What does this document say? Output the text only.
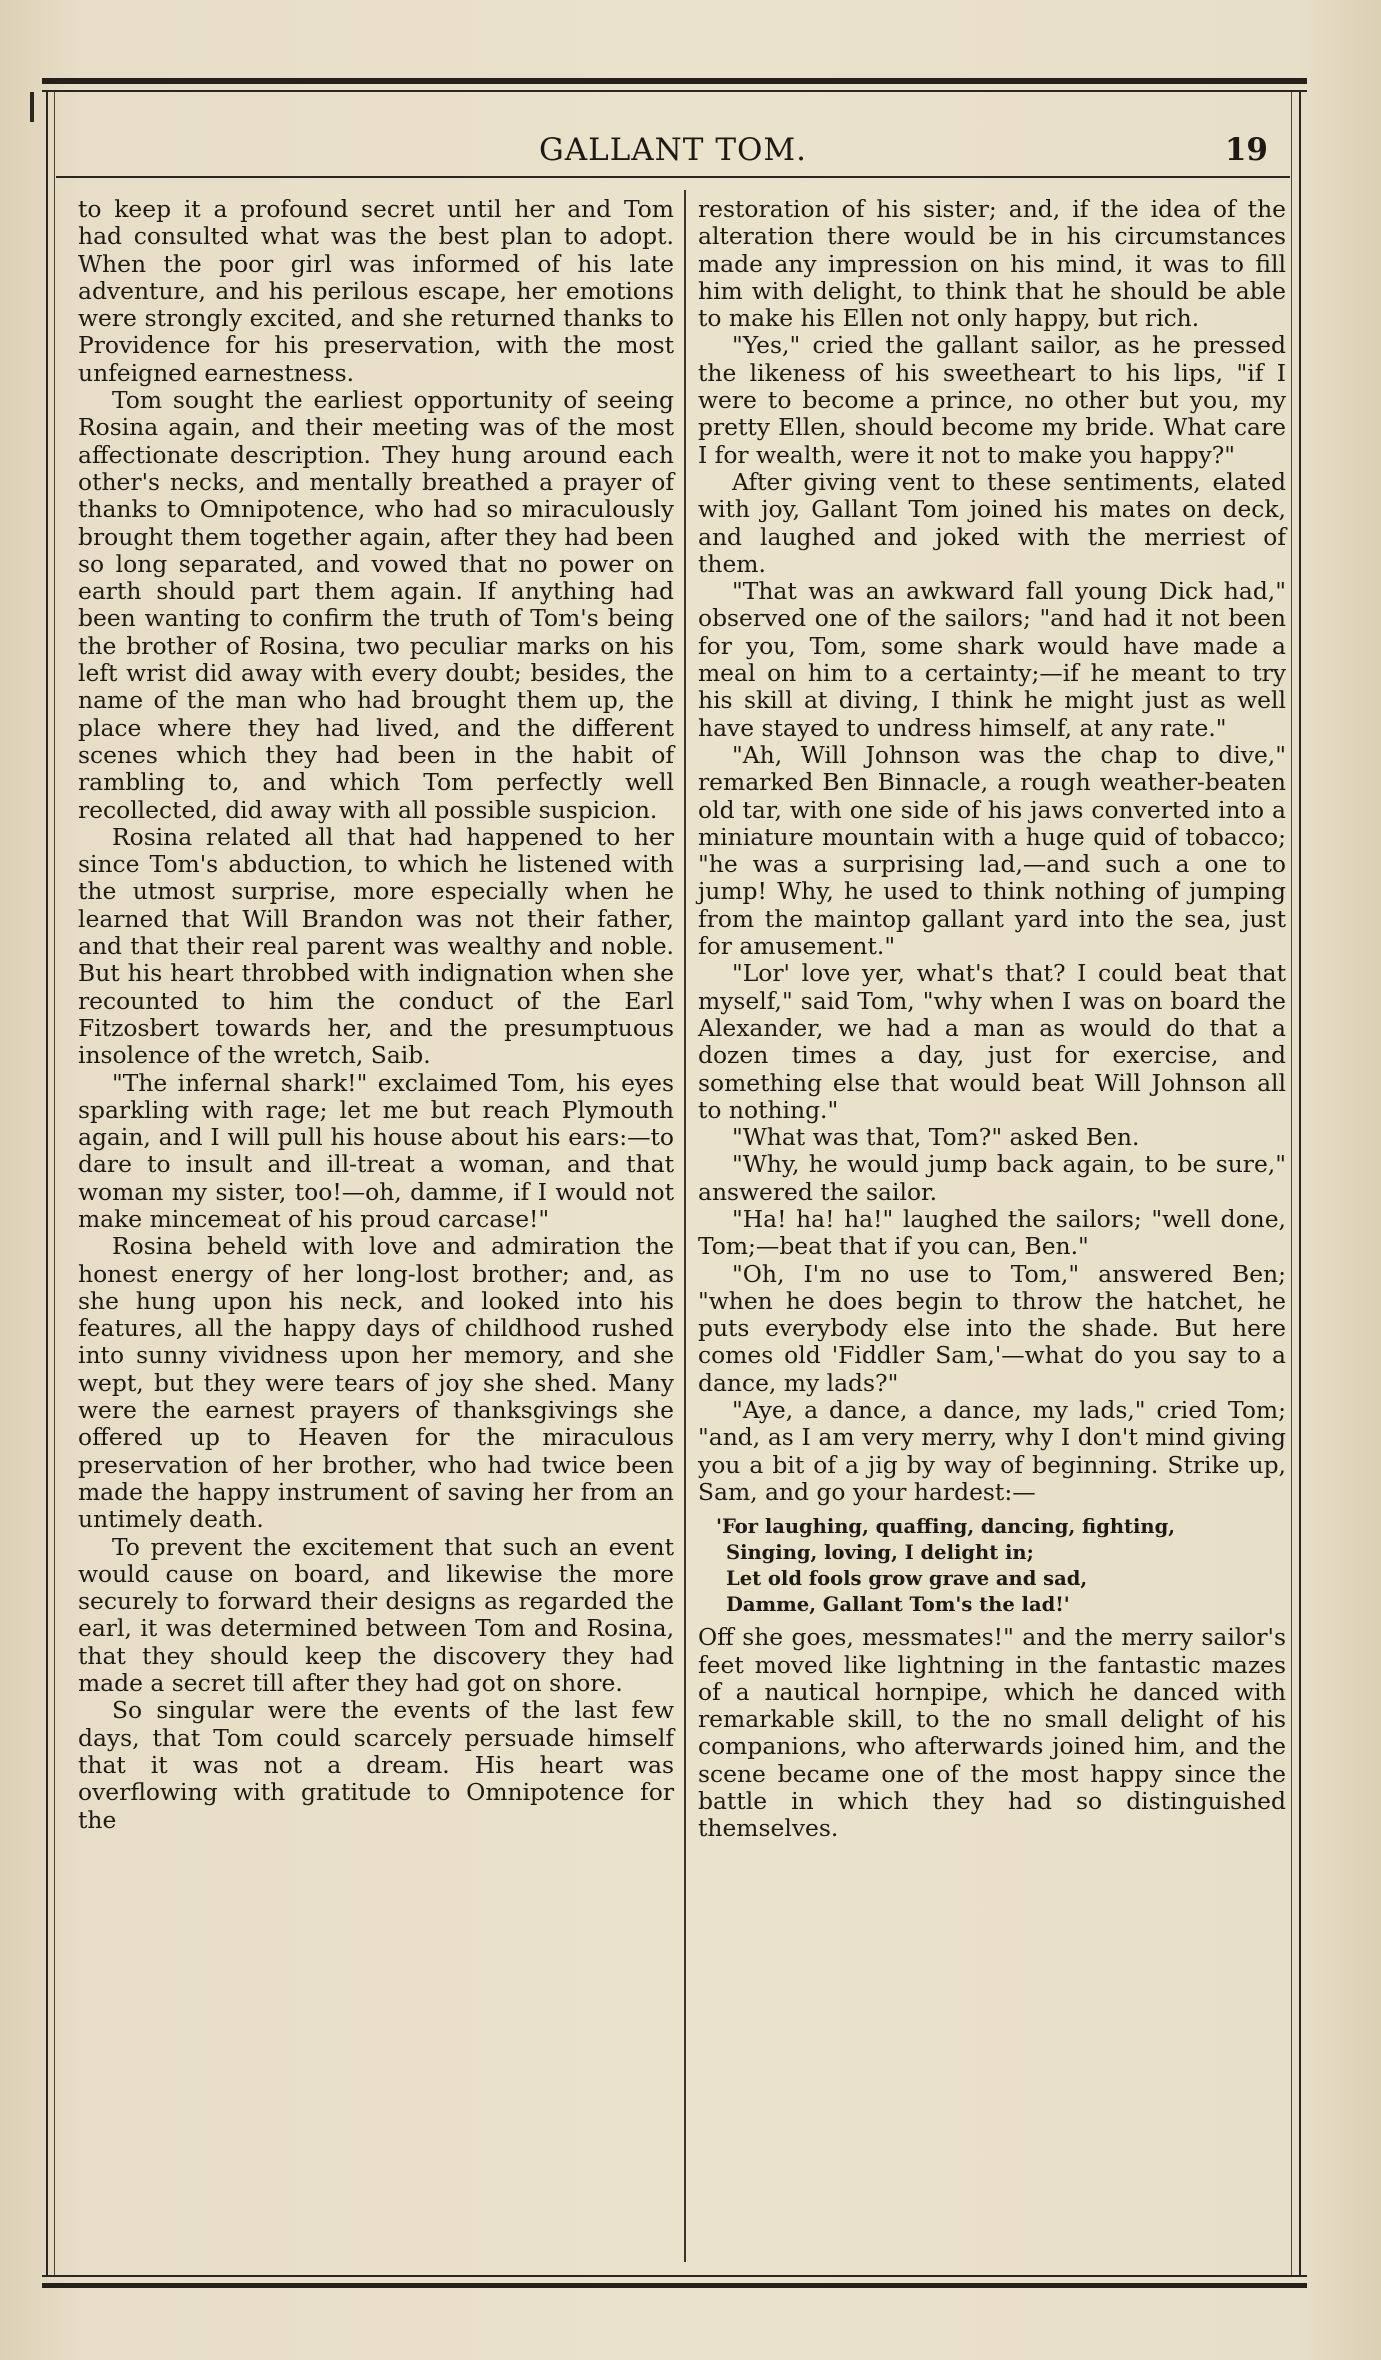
GALLANT TOM.	19

to keep it a profound secret until her and Tom had consulted what was the best plan to adopt. When the poor girl was informed of his late adventure, and his perilous escape, her emotions were strongly excited, and she returned thanks to Providence for his preservation, with the most unfeigned earnestness.

Tom sought the earliest opportunity of seeing Rosina again, and their meeting was of the most affectionate description. They hung around each other's necks, and mentally breathed a prayer of thanks to Omnipotence, who had so miraculously brought them together again, after they had been so long separated, and vowed that no power on earth should part them again. If anything had been wanting to confirm the truth of Tom's being the brother of Rosina, two peculiar marks on his left wrist did away with every doubt; besides, the name of the man who had brought them up, the place where they had lived, and the different scenes which they had been in the habit of rambling to, and which Tom perfectly well recollected, did away with all possible suspicion.

Rosina related all that had happened to her since Tom's abduction, to which he listened with the utmost surprise, more especially when he learned that Will Brandon was not their father, and that their real parent was wealthy and noble. But his heart throbbed with indignation when she recounted to him the conduct of the Earl Fitzosbert towards her, and the presumptuous insolence of the wretch, Saib.

"The infernal shark!" exclaimed Tom, his eyes sparkling with rage; let me but reach Plymouth again, and I will pull his house about his ears:—to dare to insult and ill-treat a woman, and that woman my sister, too!—oh, damme, if I would not make mincemeat of his proud carcase!"

Rosina beheld with love and admiration the honest energy of her long-lost brother; and, as she hung upon his neck, and looked into his features, all the happy days of childhood rushed into sunny vividness upon her memory, and she wept, but they were tears of joy she shed. Many were the earnest prayers of thanksgivings she offered up to Heaven for the miraculous preservation of her brother, who had twice been made the happy instrument of saving her from an untimely death.

To prevent the excitement that such an event would cause on board, and likewise the more securely to forward their designs as regarded the earl, it was determined between Tom and Rosina, that they should keep the discovery they had made a secret till after they had got on shore.

So singular were the events of the last few days, that Tom could scarcely persuade himself that it was not a dream. His heart was overflowing with gratitude to Omnipotence for the

restoration of his sister; and, if the idea of the alteration there would be in his circumstances made any impression on his mind, it was to fill him with delight, to think that he should be able to make his Ellen not only happy, but rich.

"Yes," cried the gallant sailor, as he pressed the likeness of his sweetheart to his lips, "if I were to become a prince, no other but you, my pretty Ellen, should become my bride. What care I for wealth, were it not to make you happy?"

After giving vent to these sentiments, elated with joy, Gallant Tom joined his mates on deck, and laughed and joked with the merriest of them.

"That was an awkward fall young Dick had," observed one of the sailors; "and had it not been for you, Tom, some shark would have made a meal on him to a certainty;—if he meant to try his skill at diving, I think he might just as well have stayed to undress himself, at any rate."

"Ah, Will Johnson was the chap to dive," remarked Ben Binnacle, a rough weather-beaten old tar, with one side of his jaws converted into a miniature mountain with a huge quid of tobacco; "he was a surprising lad,—and such a one to jump! Why, he used to think nothing of jumping from the maintop gallant yard into the sea, just for amusement."

"Lor' love yer, what's that? I could beat that myself," said Tom, "why when I was on board the Alexander, we had a man as would do that a dozen times a day, just for exercise, and something else that would beat Will Johnson all to nothing."

"What was that, Tom?" asked Ben.

"Why, he would jump back again, to be sure," answered the sailor.

"Ha! ha! ha!" laughed the sailors; "well done, Tom;—beat that if you can, Ben."

"Oh, I'm no use to Tom," answered Ben; "when he does begin to throw the hatchet, he puts everybody else into the shade. But here comes old 'Fiddler Sam,'—what do you say to a dance, my lads?"

"Aye, a dance, a dance, my lads," cried Tom; "and, as I am very merry, why I don't mind giving you a bit of a jig by way of beginning. Strike up, Sam, and go your hardest:—

'For laughing, quaffing, dancing, fighting,
Singing, loving, I delight in;
Let old fools grow grave and sad,
Damme, Gallant Tom's the lad!'

Off she goes, messmates!" and the merry sailor's feet moved like lightning in the fantastic mazes of a nautical hornpipe, which he danced with remarkable skill, to the no small delight of his companions, who afterwards joined him, and the scene became one of the most happy since the battle in which they had so distinguished themselves.
